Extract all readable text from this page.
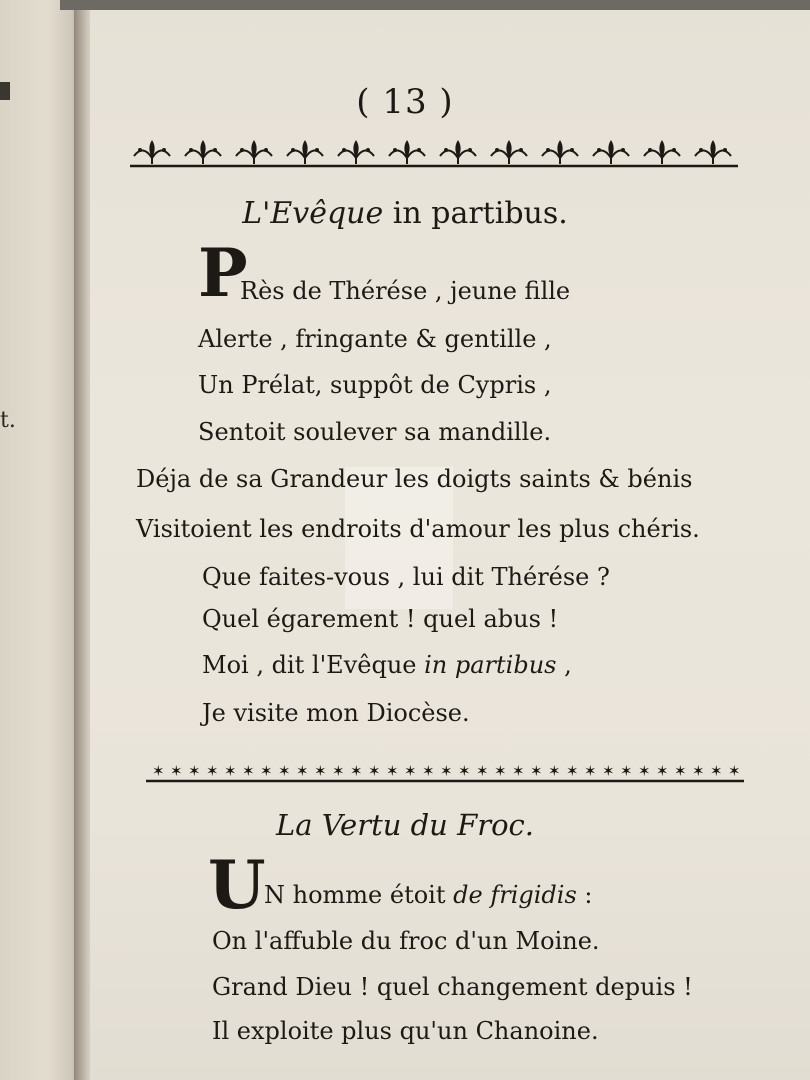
t.
( 13 )
L'Evêque in partibus.
P
Rès de Thérése , jeune fille
Alerte , fringante & gentille ,
Un Prélat, suppôt de Cypris ,
Sentoit soulever sa mandille.
Déja de sa Grandeur les doigts saints & bénis
Visitoient les endroits d'amour les plus chéris.
Que faites-vous , lui dit Thérése ?
Quel égarement ! quel abus !
Moi , dit l'Evêque in partibus ,
Je visite mon Diocèse.
✶ ✶ ✶ ✶ ✶ ✶ ✶ ✶ ✶ ✶ ✶ ✶ ✶ ✶ ✶ ✶ ✶ ✶ ✶ ✶ ✶ ✶ ✶ ✶ ✶ ✶ ✶ ✶ ✶ ✶ ✶ ✶ ✶
La Vertu du Froc.
U
N homme étoit de frigidis :
On l'affuble du froc d'un Moine.
Grand Dieu ! quel changement depuis !
Il exploite plus qu'un Chanoine.
